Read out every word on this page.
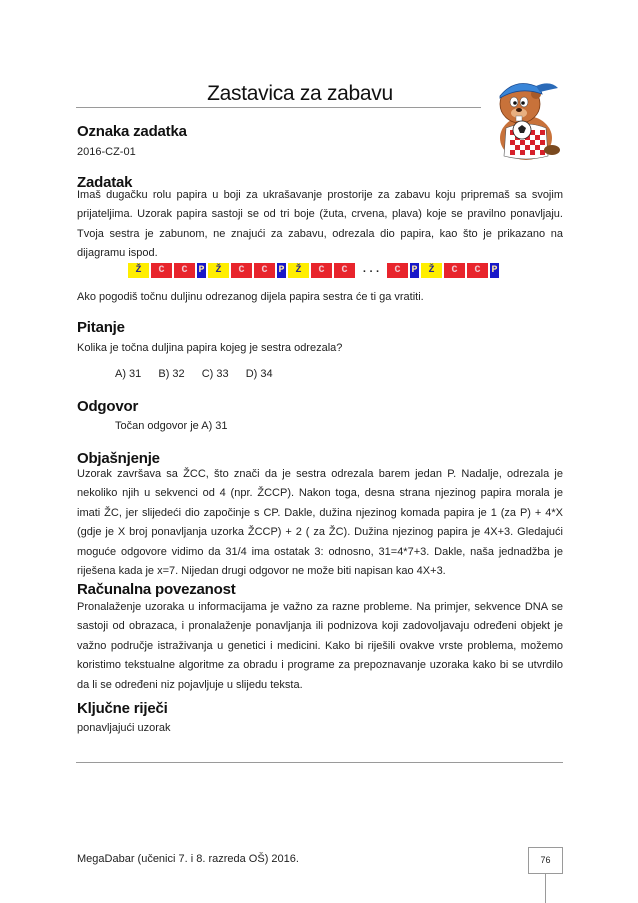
Zastavica za zabavu
Oznaka zadatka
2016-CZ-01
Zadatak
Imaš dugačku rolu papira u boji za ukrašavanje prostorije za zabavu koju pripremaš sa svojim prijateljima. Uzorak papira sastoji se od tri boje (žuta, crvena, plava) koje se pravilno ponavljaju. Tvoja sestra je zabunom, ne znajući za zabavu, odrezala dio papira, kao što je prikazano na dijagramu ispod.
Ž	C	C	P	Ž	C	C	P	Ž	C	C	...	C	P	Ž	C	C	P
Ako pogodiš točnu duljinu odrezanog dijela papira sestra će ti ga vratiti.
Pitanje
Kolika je točna duljina papira kojeg je sestra odrezala?
A) 31 B) 32 C) 33 D) 34
Odgovor
Točan odgovor je A) 31
Objašnjenje
Uzorak završava sa ŽCC, što znači da je sestra odrezala barem jedan P. Nadalje, odrezala je nekoliko njih u sekvenci od 4 (npr. ŽCCP). Nakon toga, desna strana njezinog papira morala je imati ŽC, jer slijedeći dio započinje s CP. Dakle, dužina njezinog komada papira je 1 (za P) + 4*X (gdje je X broj ponavljanja uzorka ŽCCP) + 2 ( za ŽC). Dužina njezinog papira je 4X+3. Gledajući moguće odgovore vidimo da 31/4 ima ostatak 3: odnosno, 31=4*7+3. Dakle, naša jednadžba je riješena kada je x=7. Nijedan drugi odgovor ne može biti napisan kao 4X+3.
Računalna povezanost
Pronalaženje uzoraka u informacijama je važno za razne probleme. Na primjer, sekvence DNA se sastoji od obrazaca, i pronalaženje ponavljanja ili podnizova koji zadovoljavaju određeni objekt je važno područje istraživanja u genetici i medicini. Kako bi riješili ovakve vrste problema, možemo koristimo tekstualne algoritme za obradu i programe za prepoznavanje uzoraka kako bi se utvrdilo da li se određeni niz pojavljuje u slijedu teksta.
Ključne riječi
ponavljajući uzorak
MegaDabar (učenici 7. i 8. razreda OŠ) 2016.	76
